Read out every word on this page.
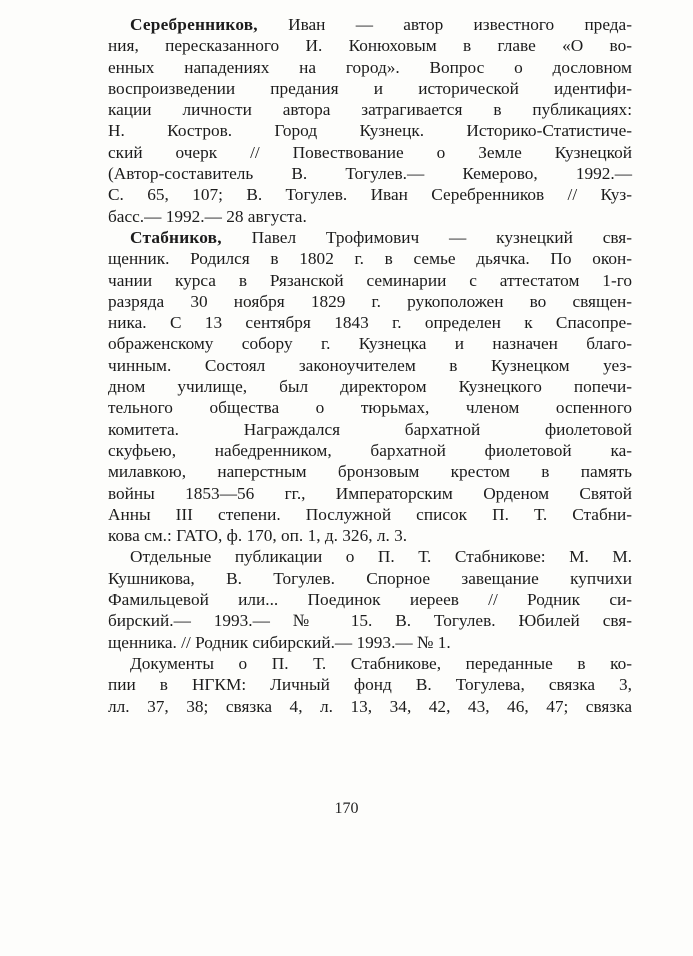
Серебренников, Иван — автор известного преда-
ния, пересказанного И. Конюховым в главе «О во-
енных нападениях на город». Вопрос о дословном
воспроизведении предания и исторической идентифи-
кации личности автора затрагивается в публикациях:
Н. Костров. Город Кузнецк. Историко-Статистиче-
ский очерк // Повествование о Земле Кузнецкой
(Автор-составитель В. Тогулев.— Кемерово, 1992.—
С. 65, 107; В. Тогулев. Иван Серебренников // Куз-
басс.— 1992.— 28 августа.
Стабников, Павел Трофимович — кузнецкий свя-
щенник. Родился в 1802 г. в семье дьячка. По окон-
чании курса в Рязанской семинарии с аттестатом 1-го
разряда 30 ноября 1829 г. рукоположен во священ-
ника. С 13 сентября 1843 г. определен к Спасопре-
ображенскому собору г. Кузнецка и назначен благо-
чинным. Состоял законоучителем в Кузнецком уез-
дном училище, был директором Кузнецкого попечи-
тельного общества о тюрьмах, членом оспенного
комитета. Награждался бархатной фиолетовой
скуфьею, набедренником, бархатной фиолетовой ка-
милавкою, наперстным бронзовым крестом в память
войны 1853—56 гг., Императорским Орденом Святой
Анны III степени. Послужной список П. Т. Стабни-
кова см.: ГАТО, ф. 170, оп. 1, д. 326, л. 3.
Отдельные публикации о П. Т. Стабникове: М. М.
Кушникова, В. Тогулев. Спорное завещание купчихи
Фамильцевой или... Поединок иереев // Родник си-
бирский.— 1993.— № 15. В. Тогулев. Юбилей свя-
щенника. // Родник сибирский.— 1993.— № 1.
Документы о П. Т. Стабникове, переданные в ко-
пии в НГКМ: Личный фонд В. Тогулева, связка 3,
лл. 37, 38; связка 4, л. 13, 34, 42, 43, 46, 47; связка
170
